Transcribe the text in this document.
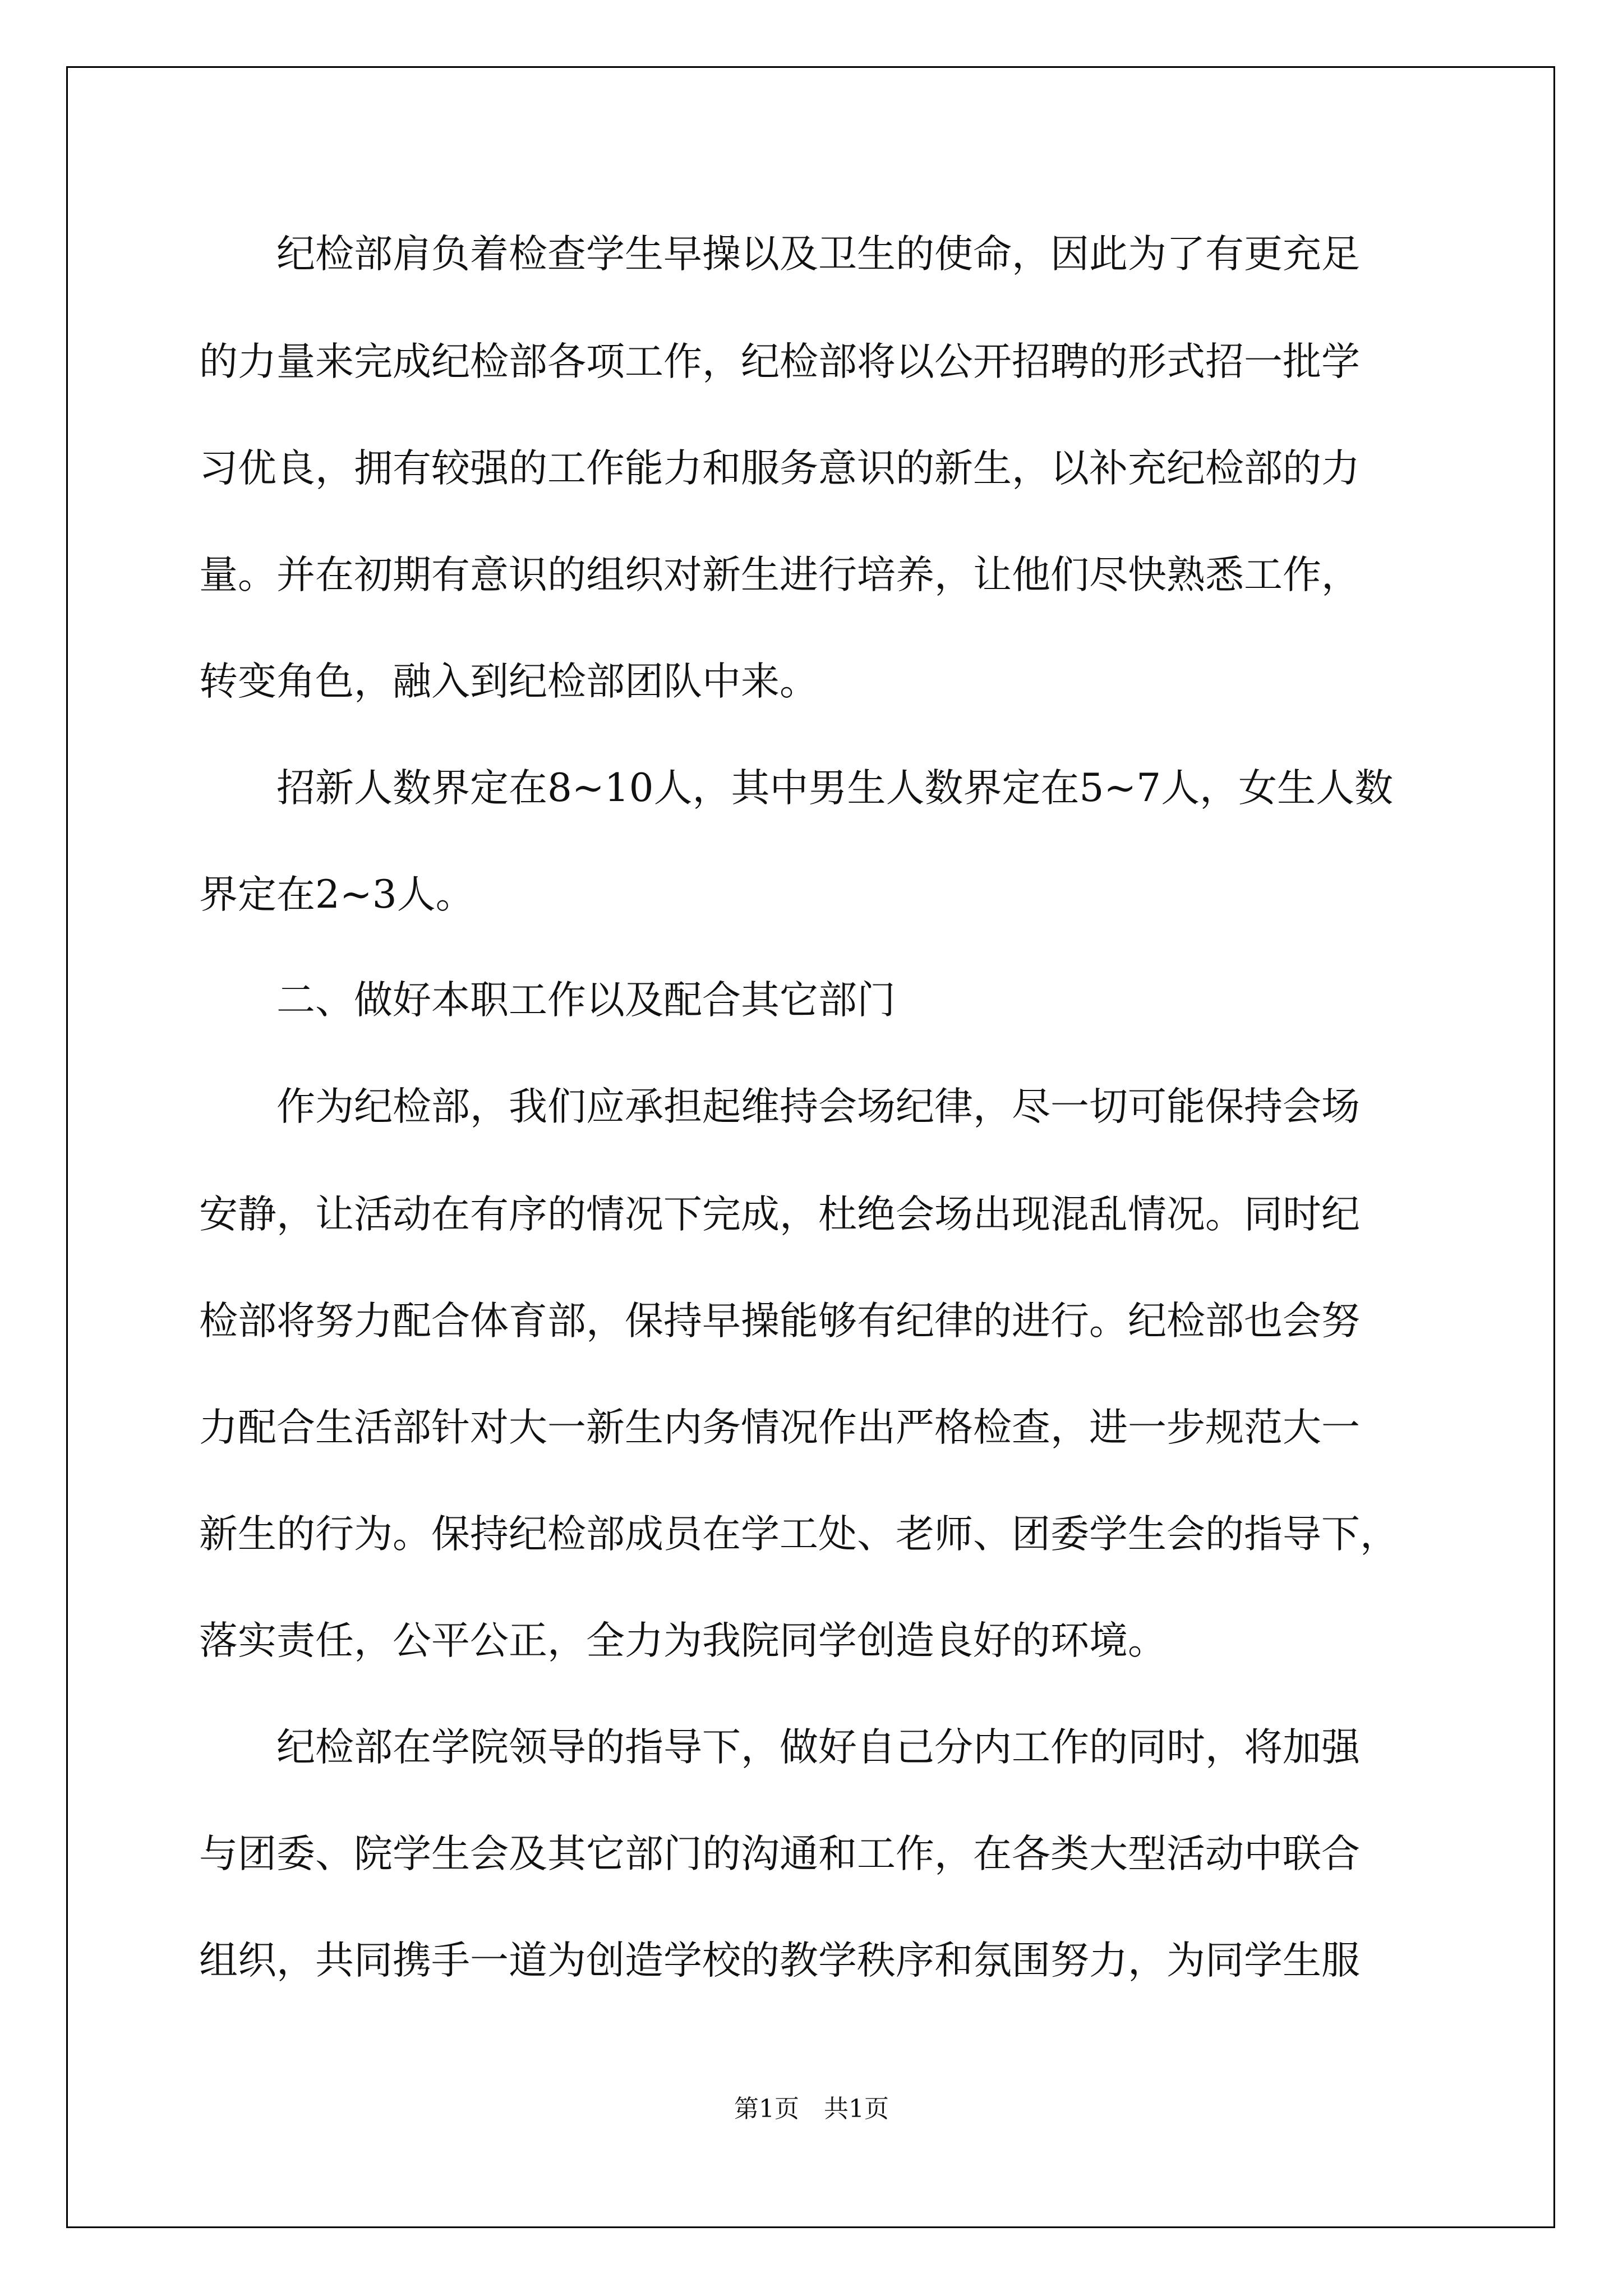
　　纪检部肩负着检查学生早操以及卫生的使命，因此为了有更充足

的力量来完成纪检部各项工作，纪检部将以公开招聘的形式招一批学

习优良，拥有较强的工作能力和服务意识的新生，以补充纪检部的力

量。并在初期有意识的组织对新生进行培养，让他们尽快熟悉工作，

转变角色，融入到纪检部团队中来。

　　招新人数界定在8~10人，其中男生人数界定在5~7人，女生人数

界定在2~3人。

　　二、做好本职工作以及配合其它部门

　　作为纪检部，我们应承担起维持会场纪律，尽一切可能保持会场

安静，让活动在有序的情况下完成，杜绝会场出现混乱情况。同时纪

检部将努力配合体育部，保持早操能够有纪律的进行。纪检部也会努

力配合生活部针对大一新生内务情况作出严格检查，进一步规范大一

新生的行为。保持纪检部成员在学工处、老师、团委学生会的指导下，

落实责任，公平公正，全力为我院同学创造良好的环境。

　　纪检部在学院领导的指导下，做好自己分内工作的同时，将加强

与团委、院学生会及其它部门的沟通和工作，在各类大型活动中联合

组织，共同携手一道为创造学校的教学秩序和氛围努力，为同学生服

第1页 共1页
